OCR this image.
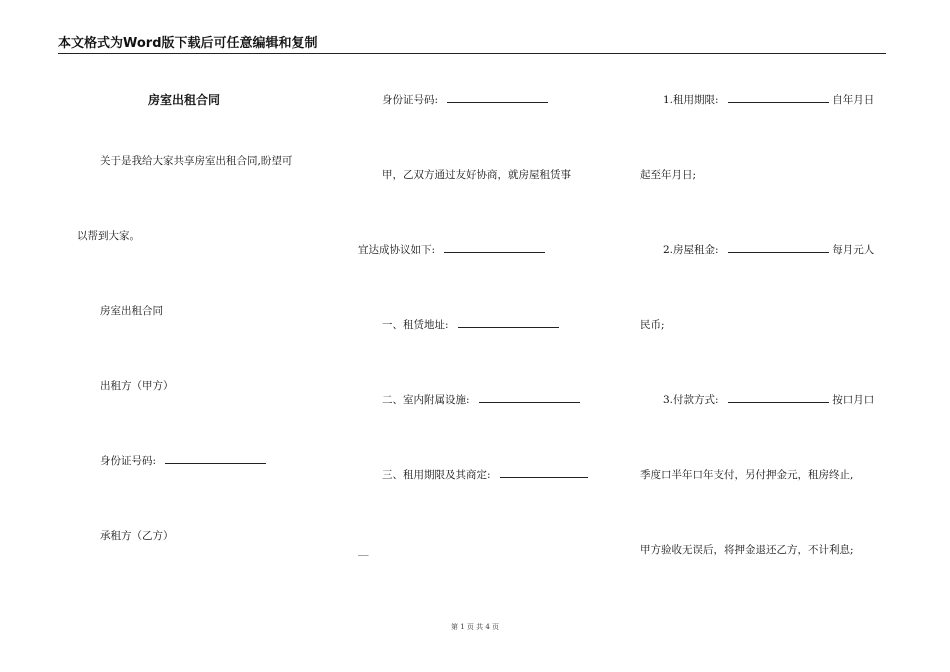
本文格式为Word版下载后可任意编辑和复制
房室出租合同
关于是我给大家共享房室出租合同,盼望可
以帮到大家。
房室出租合同
出租方（甲方）
身份证号码:
承租方（乙方）
身份证号码:
甲，乙双方通过友好协商，就房屋租赁事
宜达成协议如下:
一、租赁地址:
二、室内附属设施:
三、租用期限及其商定:
__
1.租用期限:	自年月日
起至年月日;
2.房屋租金:	每月元人
民币;
3.付款方式:	按口月口
季度口半年口年支付，另付押金元，租房终止,
甲方验收无误后，将押金退还乙方，不计利息;
第 1 页 共 4 页
